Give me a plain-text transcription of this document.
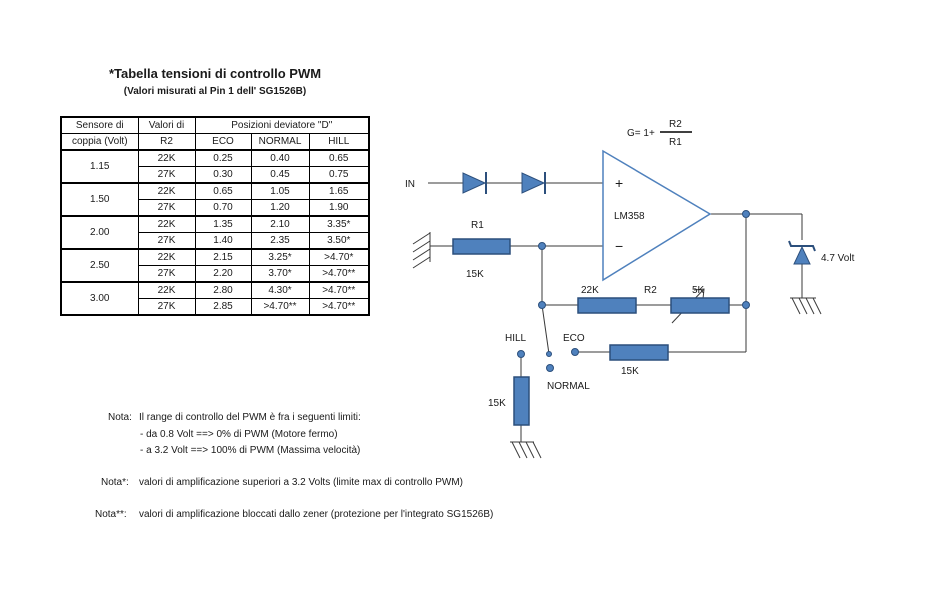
*Tabella tensioni di controllo PWM
(Valori misurati al Pin 1 dell' SG1526B)
Sensore di	Valori di	Posizioni deviatore "D"		
coppia (Volt)	R2	ECO	NORMAL	HILL
1.15	22K	0.25	0.40	0.65
	27K	0.30	0.45	0.75
1.50	22K	0.65	1.05	1.65
	27K	0.70	1.20	1.90
2.00	22K	1.35	2.10	3.35*
	27K	1.40	2.35	3.50*
2.50	22K	2.15	3.25*	>4.70*
	27K	2.20	3.70*	>4.70**
3.00	22K	2.80	4.30*	>4.70**
	27K	2.85	>4.70**	>4.70**
Nota: Il range di controllo del PWM è fra i seguenti limiti:
- da 0.8 Volt ==> 0% di PWM (Motore fermo)
- a 3.2 Volt ==> 100% di PWM (Massima velocità)
Nota*: valori di amplificazione superiori a 3.2 Volts (limite max di controllo PWM)
Nota**: valori di amplificazione bloccati dallo zener (protezione per l'integrato SG1526B)
G= 1+
R2
R1
IN	+
−
LM358
R1
15K
22K	R2	5K
4.7 Volt
HILL	ECO
NORMAL
15K
15K
